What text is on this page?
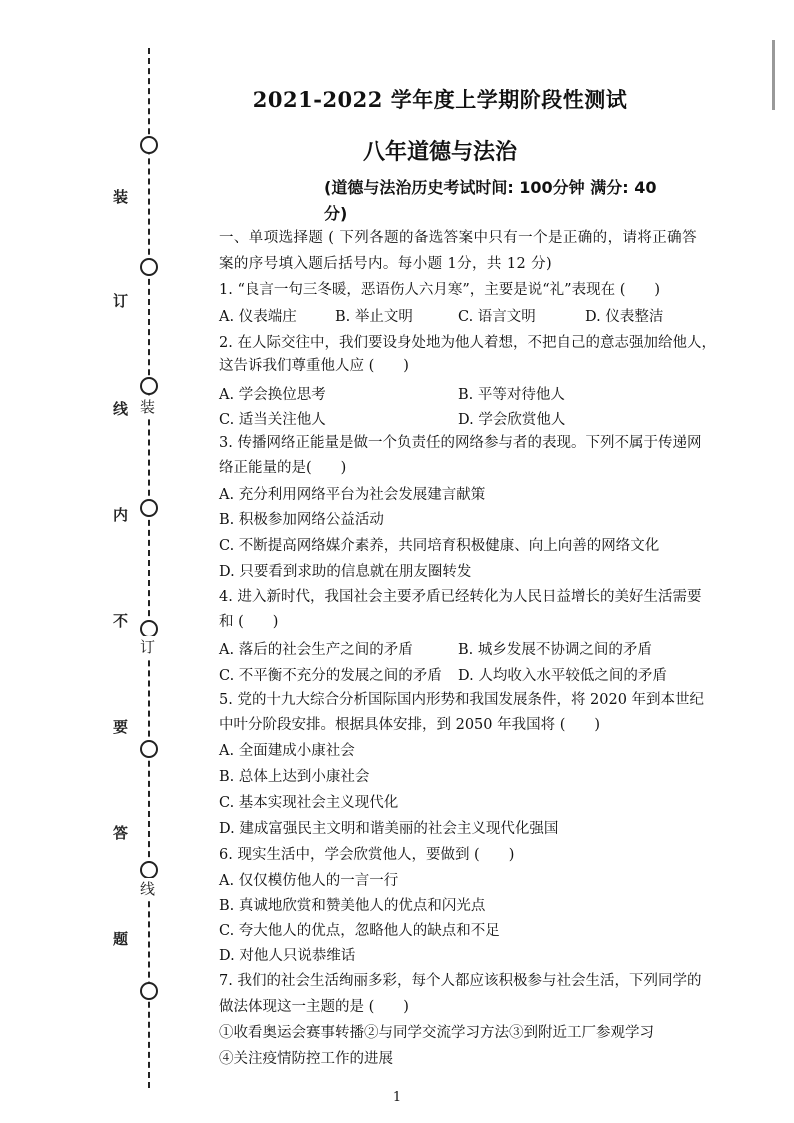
装
订
线
装
订
线
内
不
要
答
题
2021-2022 学年度上学期阶段性测试
八年道德与法治
(道德与法治历史考试时间: 100分钟 满分: 40
分)
一、单项选择题 ( 下列各题的备选答案中只有一个是正确的，请将正确答
案的序号填入题后括号内。每小题 1分，共 12 分)
1. “良言一句三冬暖，恶语伤人六月寒”，主要是说“礼”表现在 (　　)
A. 仪表端庄	B. 举止文明	C. 语言文明	D. 仪表整洁
2. 在人际交往中，我们要设身处地为他人着想，不把自己的意志强加给他人，
这告诉我们尊重他人应 (　　)
A. 学会换位思考	B. 平等对待他人
C. 适当关注他人	D. 学会欣赏他人
3. 传播网络正能量是做一个负责任的网络参与者的表现。下列不属于传递网
络正能量的是(　　)
A. 充分利用网络平台为社会发展建言献策
B. 积极参加网络公益活动
C. 不断提高网络媒介素养，共同培育积极健康、向上向善的网络文化
D. 只要看到求助的信息就在朋友圈转发
4. 进入新时代，我国社会主要矛盾已经转化为人民日益增长的美好生活需要
和 (　　)
A. 落后的社会生产之间的矛盾	B. 城乡发展不协调之间的矛盾
C. 不平衡不充分的发展之间的矛盾 D. 人均收入水平较低之间的矛盾
5. 党的十九大综合分析国际国内形势和我国发展条件，将 2020 年到本世纪
中叶分阶段安排。根据具体安排，到 2050 年我国将 (　　)
A. 全面建成小康社会
B. 总体上达到小康社会
C. 基本实现社会主义现代化
D. 建成富强民主文明和谐美丽的社会主义现代化强国
6. 现实生活中，学会欣赏他人，要做到 (　　)
A. 仅仅模仿他人的一言一行
B. 真诚地欣赏和赞美他人的优点和闪光点
C. 夸大他人的优点，忽略他人的缺点和不足
D. 对他人只说恭维话
7. 我们的社会生活绚丽多彩，每个人都应该积极参与社会生活，下列同学的
做法体现这一主题的是 (　　)
①收看奥运会赛事转播②与同学交流学习方法③到附近工厂参观学习
④关注疫情防控工作的进展
1
